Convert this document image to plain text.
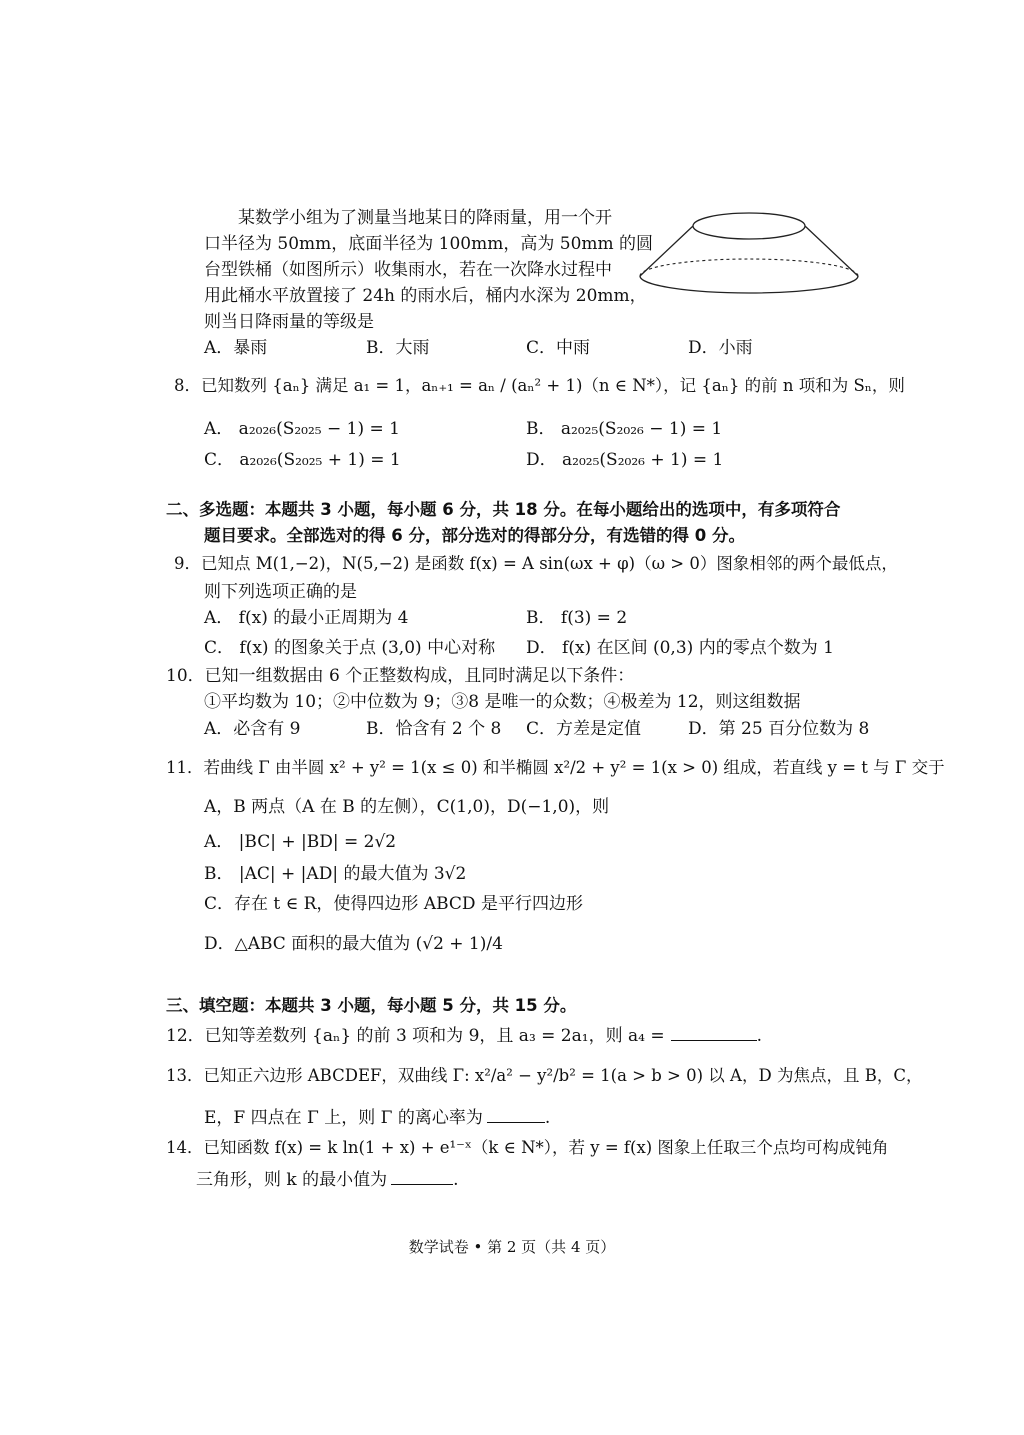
某数学小组为了测量当地某日的降雨量，用一个开
口半径为 50mm，底面半径为 100mm，高为 50mm 的圆
台型铁桶（如图所示）收集雨水，若在一次降水过程中
用此桶水平放置接了 24h 的雨水后，桶内水深为 20mm，
则当日降雨量的等级是
A．暴雨	B．大雨	C．中雨	D．小雨
8．已知数列 {aₙ} 满足 a₁ = 1，aₙ₊₁ = aₙ / (aₙ² + 1)（n ∈ N*），记 {aₙ} 的前 n 项和为 Sₙ，则
A． a₂₀₂₆(S₂₀₂₅ − 1) = 1	B． a₂₀₂₅(S₂₀₂₆ − 1) = 1
C． a₂₀₂₆(S₂₀₂₅ + 1) = 1	D． a₂₀₂₅(S₂₀₂₆ + 1) = 1
二、多选题：本题共 3 小题，每小题 6 分，共 18 分。在每小题给出的选项中，有多项符合
题目要求。全部选对的得 6 分，部分选对的得部分分，有选错的得 0 分。
9．已知点 M(1,−2)，N(5,−2) 是函数 f(x) = A sin(ωx + φ)（ω > 0）图象相邻的两个最低点，
则下列选项正确的是
A． f(x) 的最小正周期为 4	B． f(3) = 2
C． f(x) 的图象关于点 (3,0) 中心对称 D． f(x) 在区间 (0,3) 内的零点个数为 1
10．已知一组数据由 6 个正整数构成，且同时满足以下条件：
①平均数为 10；②中位数为 9；③8 是唯一的众数；④极差为 12，则这组数据
A．必含有 9	B．恰含有 2 个 8 C．方差是定值	D．第 25 百分位数为 8
11．若曲线 Γ 由半圆 x² + y² = 1(x ≤ 0) 和半椭圆 x²/2 + y² = 1(x > 0) 组成，若直线 y = t 与 Γ 交于
A，B 两点（A 在 B 的左侧），C(1,0)，D(−1,0)，则
A． |BC| + |BD| = 2√2
B． |AC| + |AD| 的最大值为 3√2
C．存在 t ∈ R，使得四边形 ABCD 是平行四边形
D．△ABC 面积的最大值为 (√2 + 1)/4
三、填空题：本题共 3 小题，每小题 5 分，共 15 分。
12．已知等差数列 {aₙ} 的前 3 项和为 9，且 a₃ = 2a₁，则 a₄ =	.
13．已知正六边形 ABCDEF，双曲线 Γ: x²/a² − y²/b² = 1(a > b > 0) 以 A，D 为焦点，且 B，C，
E，F 四点在 Γ 上，则 Γ 的离心率为	.
14．已知函数 f(x) = k ln(1 + x) + e¹⁻ˣ（k ∈ N*），若 y = f(x) 图象上任取三个点均可构成钝角
三角形，则 k 的最小值为	.
数学试卷 • 第 2 页（共 4 页）
